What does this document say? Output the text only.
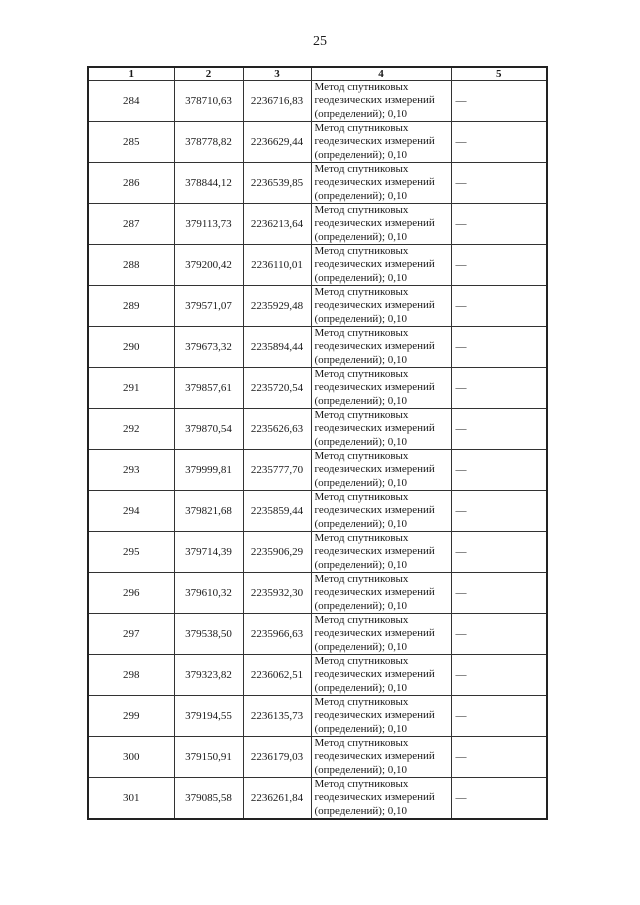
25
1	2	3	4	5
284	378710,63	2236716,83	Метод спутниковых
геодезических измерений
(определений); 0,10	—
285	378778,82	2236629,44	Метод спутниковых
геодезических измерений
(определений); 0,10	—
286	378844,12	2236539,85	Метод спутниковых
геодезических измерений
(определений); 0,10	—
287	379113,73	2236213,64	Метод спутниковых
геодезических измерений
(определений); 0,10	—
288	379200,42	2236110,01	Метод спутниковых
геодезических измерений
(определений); 0,10	—
289	379571,07	2235929,48	Метод спутниковых
геодезических измерений
(определений); 0,10	—
290	379673,32	2235894,44	Метод спутниковых
геодезических измерений
(определений); 0,10	—
291	379857,61	2235720,54	Метод спутниковых
геодезических измерений
(определений); 0,10	—
292	379870,54	2235626,63	Метод спутниковых
геодезических измерений
(определений); 0,10	—
293	379999,81	2235777,70	Метод спутниковых
геодезических измерений
(определений); 0,10	—
294	379821,68	2235859,44	Метод спутниковых
геодезических измерений
(определений); 0,10	—
295	379714,39	2235906,29	Метод спутниковых
геодезических измерений
(определений); 0,10	—
296	379610,32	2235932,30	Метод спутниковых
геодезических измерений
(определений); 0,10	—
297	379538,50	2235966,63	Метод спутниковых
геодезических измерений
(определений); 0,10	—
298	379323,82	2236062,51	Метод спутниковых
геодезических измерений
(определений); 0,10	—
299	379194,55	2236135,73	Метод спутниковых
геодезических измерений
(определений); 0,10	—
300	379150,91	2236179,03	Метод спутниковых
геодезических измерений
(определений); 0,10	—
301	379085,58	2236261,84	Метод спутниковых
геодезических измерений
(определений); 0,10	—
